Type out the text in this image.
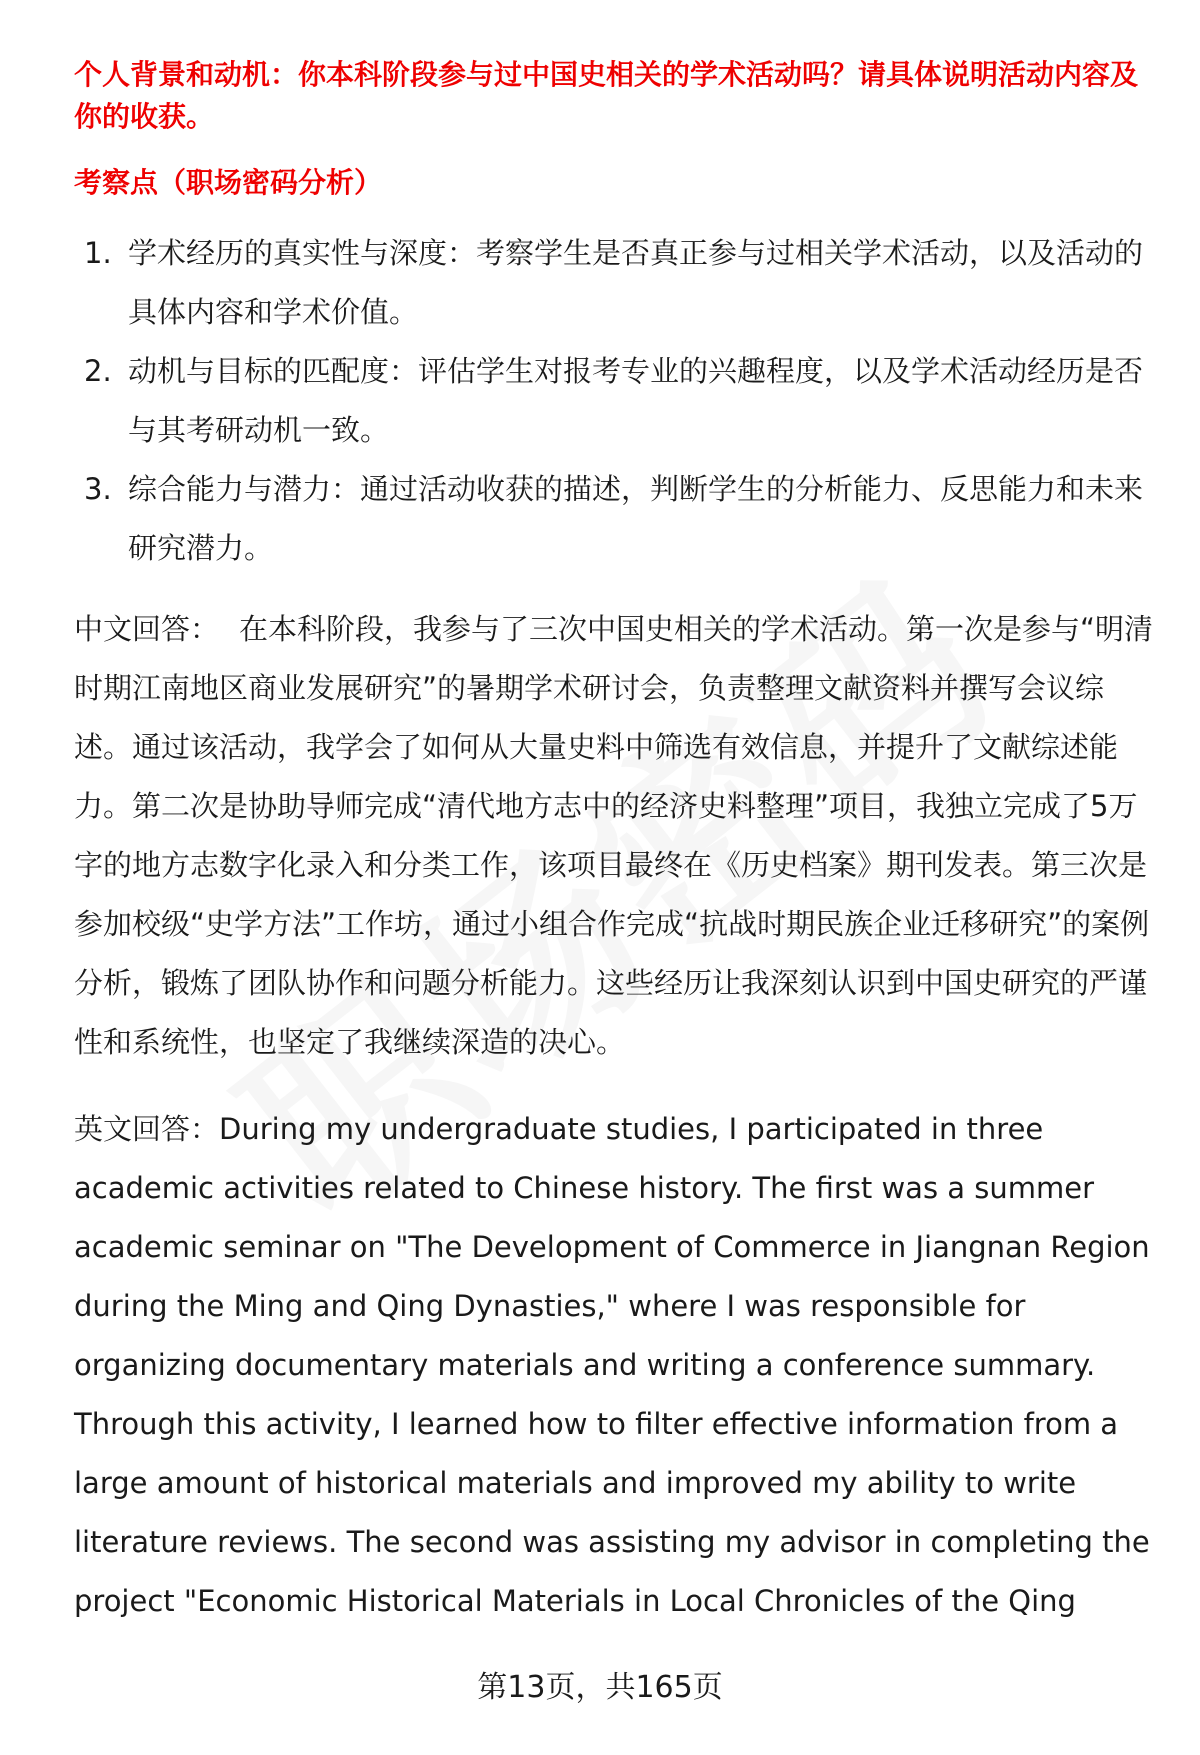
个人背景和动机：你本科阶段参与过中国史相关的学术活动吗？请具体说明活动内容及你的收获。

考察点（职场密码分析）

1. 学术经历的真实性与深度：考察学生是否真正参与过相关学术活动，以及活动的具体内容和学术价值。
2. 动机与目标的匹配度：评估学生对报考专业的兴趣程度，以及学术活动经历是否与其考研动机一致。
3. 综合能力与潜力：通过活动收获的描述，判断学生的分析能力、反思能力和未来研究潜力。

中文回答： 在本科阶段，我参与了三次中国史相关的学术活动。第一次是参与“明清时期江南地区商业发展研究”的暑期学术研讨会，负责整理文献资料并撰写会议综述。通过该活动，我学会了如何从大量史料中筛选有效信息，并提升了文献综述能力。第二次是协助导师完成“清代地方志中的经济史料整理”项目，我独立完成了5万字的地方志数字化录入和分类工作，该项目最终在《历史档案》期刊发表。第三次是参加校级“史学方法”工作坊，通过小组合作完成“抗战时期民族企业迁移研究”的案例分析，锻炼了团队协作和问题分析能力。这些经历让我深刻认识到中国史研究的严谨性和系统性，也坚定了我继续深造的决心。

英文回答：During my undergraduate studies, I participated in three academic activities related to Chinese history. The first was a summer academic seminar on "The Development of Commerce in Jiangnan Region during the Ming and Qing Dynasties," where I was responsible for organizing documentary materials and writing a conference summary. Through this activity, I learned how to filter effective information from a large amount of historical materials and improved my ability to write literature reviews. The second was assisting my advisor in completing the project "Economic Historical Materials in Local Chronicles of the Qing

第13页，共165页
